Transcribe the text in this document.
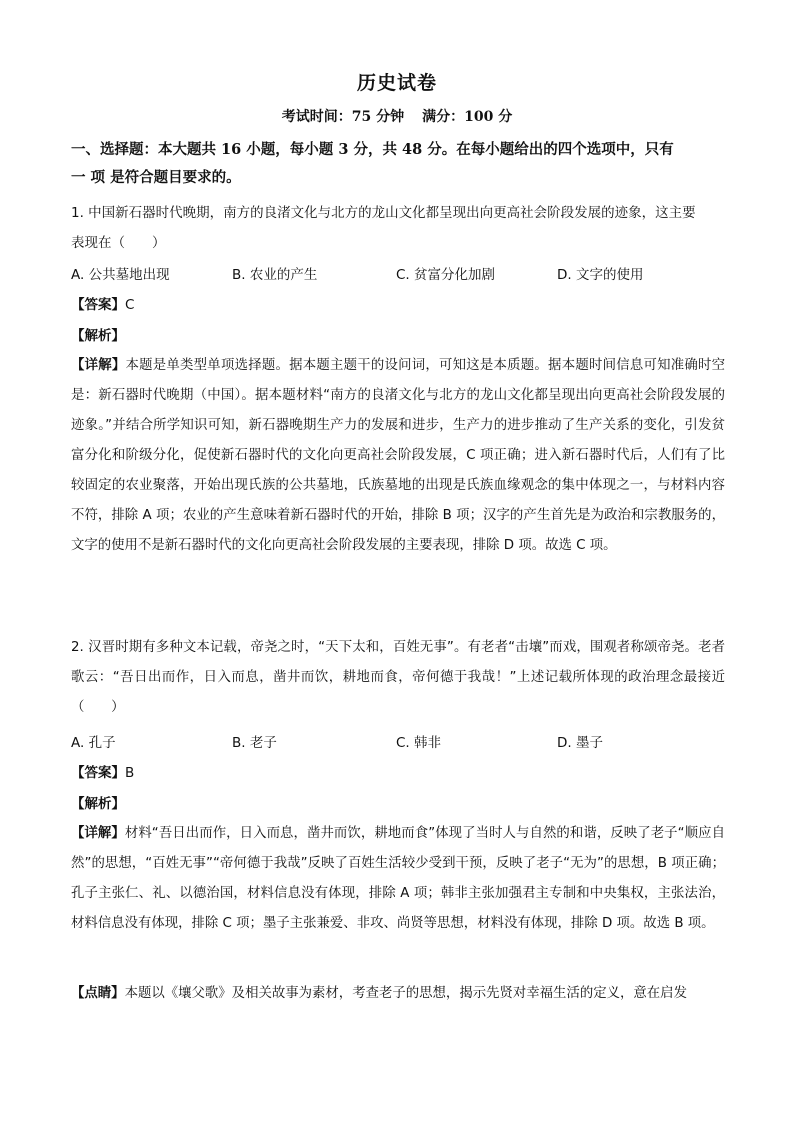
历史试卷
考试时间：75 分钟 满分：100 分
一、选择题：本大题共 16 小题，每小题 3 分，共 48 分。在每小题给出的四个选项中，只有
一 项 是符合题目要求的。
1. 中国新石器时代晚期，南方的良渚文化与北方的龙山文化都呈现出向更高社会阶段发展的迹象，这主要
表现在（　　）
A. 公共墓地出现	B. 农业的产生	C. 贫富分化加剧	D. 文字的使用
【答案】C
【解析】
【详解】本题是单类型单项选择题。据本题主题干的设问词，可知这是本质题。据本题时间信息可知准确时空是：新石器时代晚期（中国）。据本题材料“南方的良渚文化与北方的龙山文化都呈现出向更高社会阶段发展的迹象。”并结合所学知识可知，新石器晚期生产力的发展和进步，生产力的进步推动了生产关系的变化，引发贫富分化和阶级分化，促使新石器时代的文化向更高社会阶段发展，C 项正确；进入新石器时代后，人们有了比较固定的农业聚落，开始出现氏族的公共墓地，氏族墓地的出现是氏族血缘观念的集中体现之一，与材料内容不符，排除 A 项；农业的产生意味着新石器时代的开始，排除 B 项；汉字的产生首先是为政治和宗教服务的，文字的使用不是新石器时代的文化向更高社会阶段发展的主要表现，排除 D 项。故选 C 项。
2. 汉晋时期有多种文本记载，帝尧之时，“天下太和，百姓无事”。有老者“击壤”而戏，围观者称颂帝尧。老者歌云：“吾日出而作，日入而息，凿井而饮，耕地而食，帝何德于我哉！”上述记载所体现的政治理念最接近（　　）
A. 孔子	B. 老子	C. 韩非	D. 墨子
【答案】B
【解析】
【详解】材料“吾日出而作，日入而息，凿井而饮，耕地而食”体现了当时人与自然的和谐，反映了老子“顺应自然”的思想，“百姓无事”“帝何德于我哉”反映了百姓生活较少受到干预，反映了老子“无为”的思想，B 项正确；孔子主张仁、礼、以德治国，材料信息没有体现，排除 A 项；韩非主张加强君主专制和中央集权，主张法治，材料信息没有体现，排除 C 项；墨子主张兼爱、非攻、尚贤等思想，材料没有体现，排除 D 项。故选 B 项。
【点睛】本题以《壤父歌》及相关故事为素材，考查老子的思想，揭示先贤对幸福生活的定义，意在启发
